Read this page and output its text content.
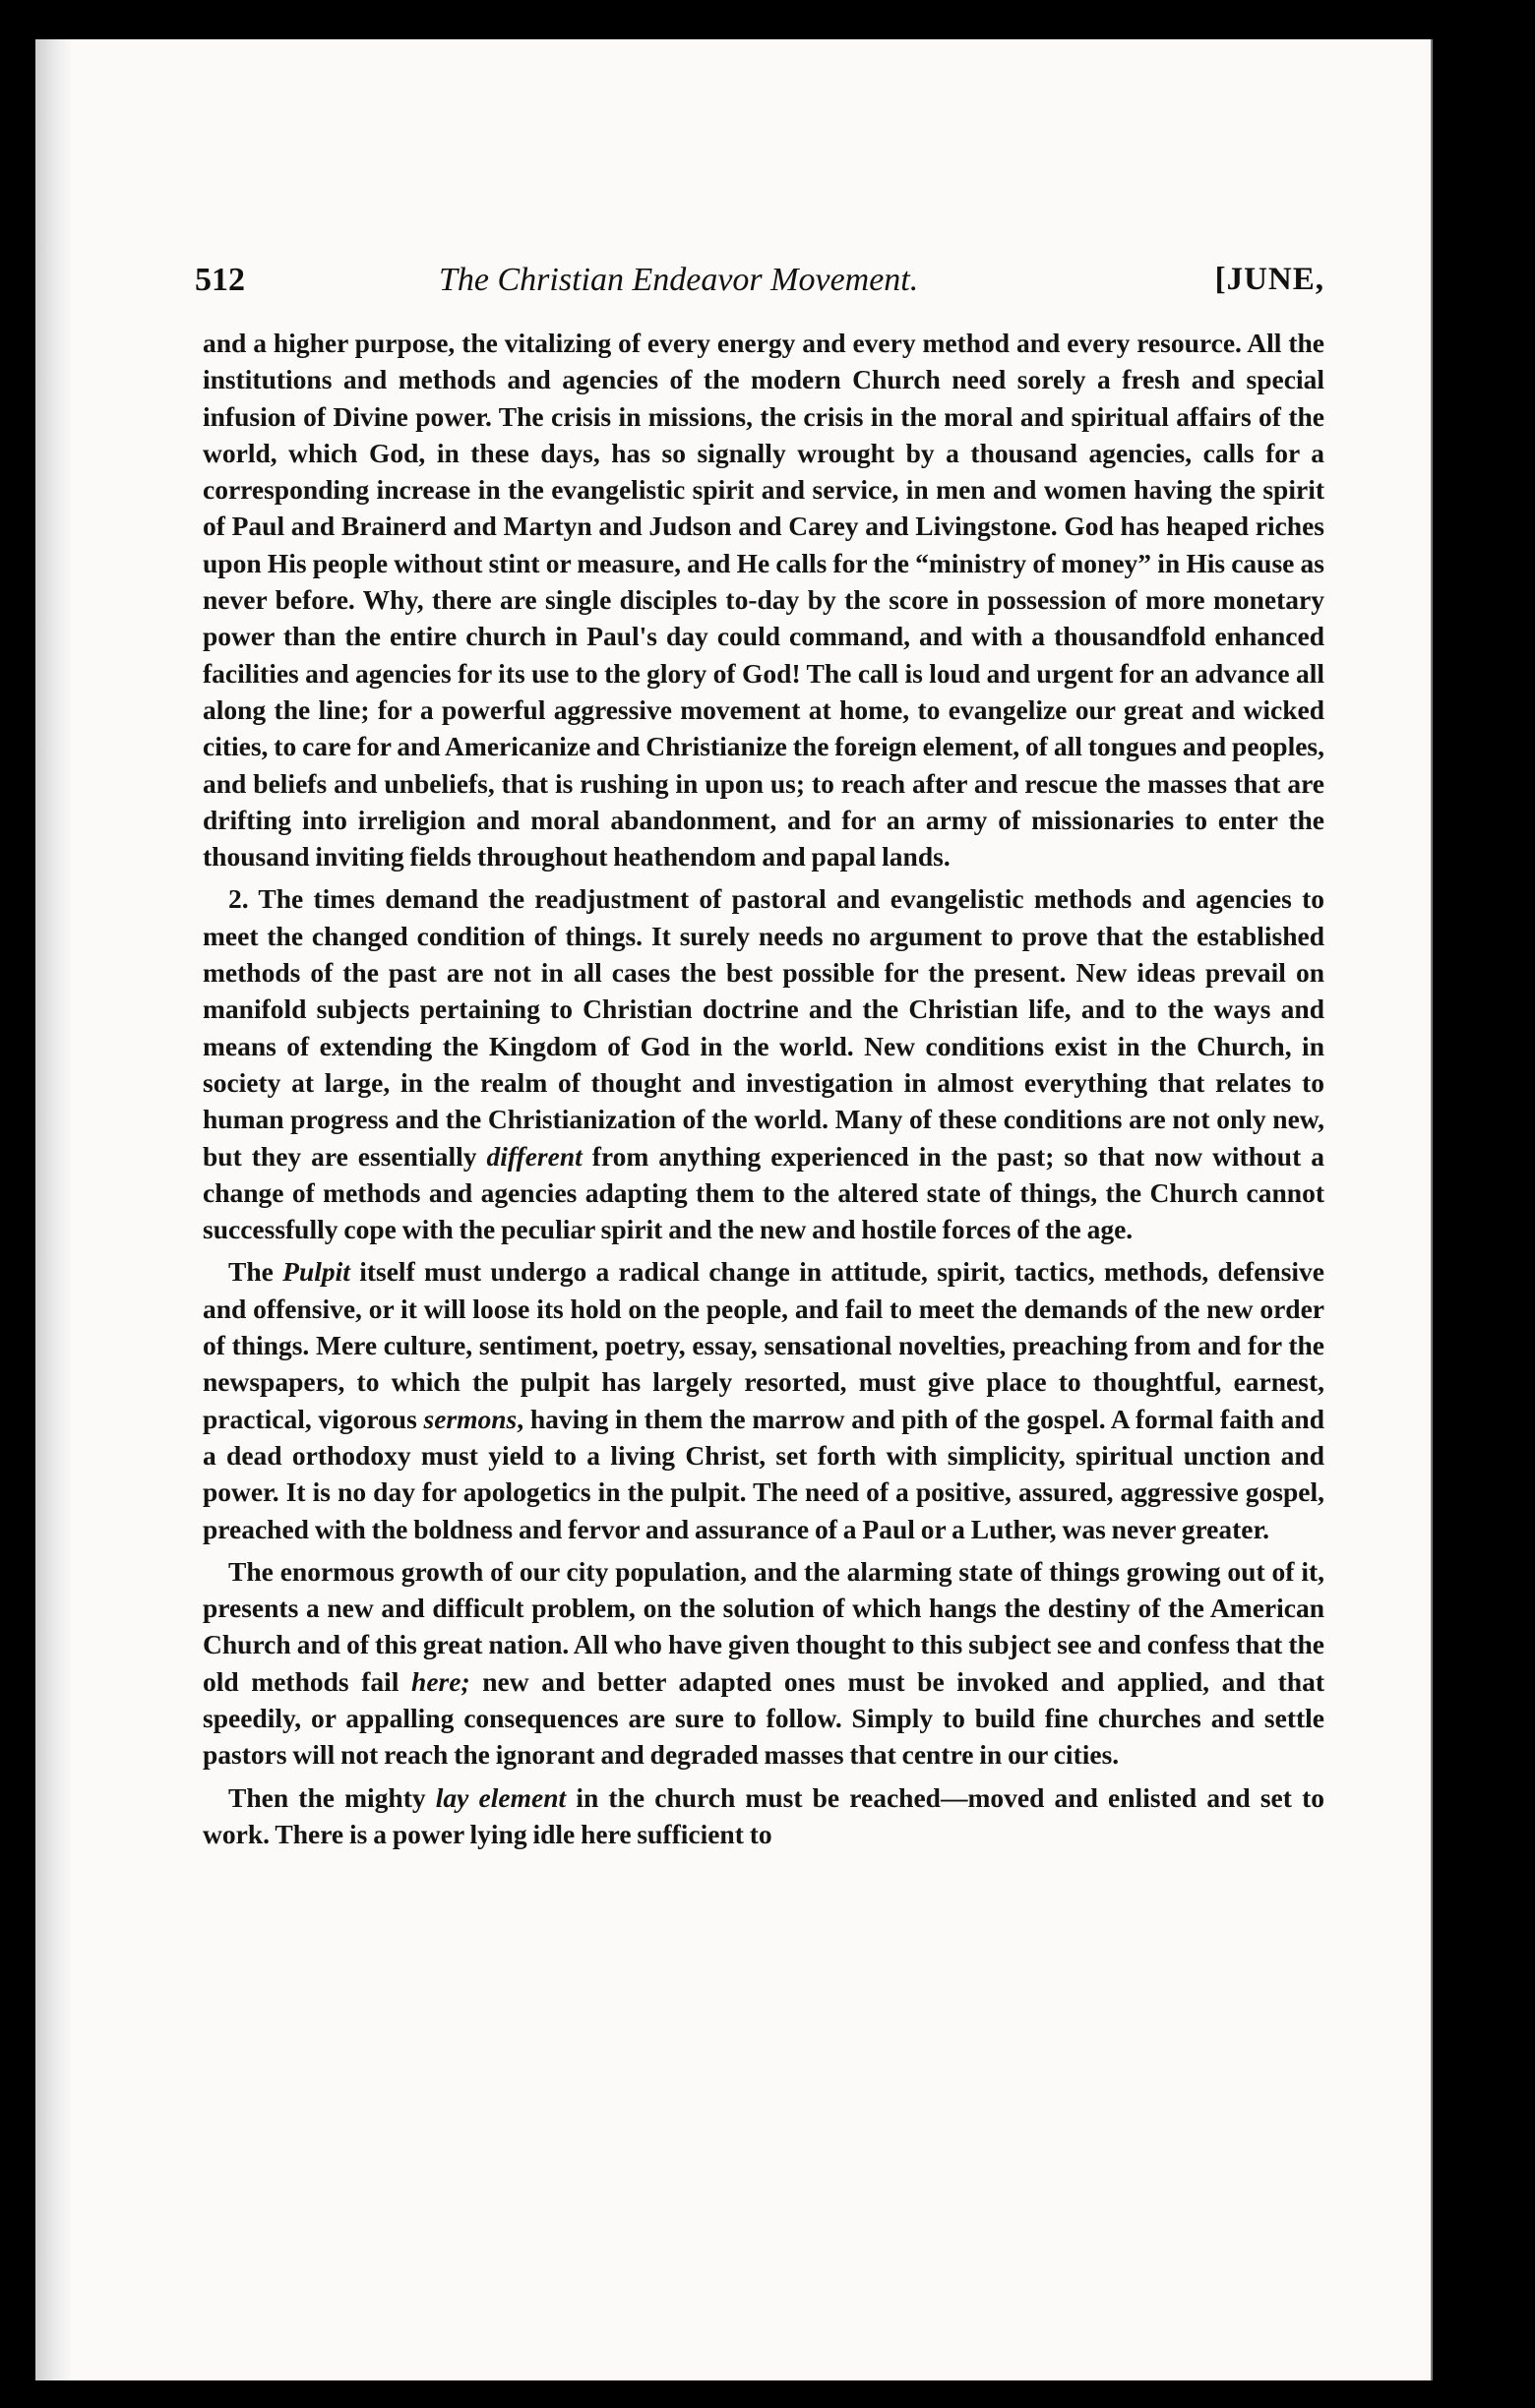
512	The Christian Endeavor Movement.	[JUNE,

and a higher purpose, the vitalizing of every energy and every method and every resource. All the institutions and methods and agencies of the modern Church need sorely a fresh and special infusion of Divine power. The crisis in missions, the crisis in the moral and spiritual affairs of the world, which God, in these days, has so signally wrought by a thousand agencies, calls for a corresponding increase in the evangelistic spirit and service, in men and women having the spirit of Paul and Brainerd and Martyn and Judson and Carey and Livingstone. God has heaped riches upon His people without stint or measure, and He calls for the “ministry of money” in His cause as never before. Why, there are single disciples to-day by the score in possession of more monetary power than the entire church in Paul's day could command, and with a thousandfold enhanced facilities and agencies for its use to the glory of God! The call is loud and urgent for an advance all along the line; for a powerful aggressive movement at home, to evangelize our great and wicked cities, to care for and Americanize and Christianize the foreign element, of all tongues and peoples, and beliefs and unbeliefs, that is rushing in upon us; to reach after and rescue the masses that are drifting into irreligion and moral abandonment, and for an army of missionaries to enter the thousand inviting fields throughout heathendom and papal lands.

2. The times demand the readjustment of pastoral and evangelistic methods and agencies to meet the changed condition of things. It surely needs no argument to prove that the established methods of the past are not in all cases the best possible for the present. New ideas prevail on manifold subjects pertaining to Christian doctrine and the Christian life, and to the ways and means of extending the Kingdom of God in the world. New conditions exist in the Church, in society at large, in the realm of thought and investigation in almost everything that relates to human progress and the Christianization of the world. Many of these conditions are not only new, but they are essentially different from anything experienced in the past; so that now without a change of methods and agencies adapting them to the altered state of things, the Church cannot successfully cope with the peculiar spirit and the new and hostile forces of the age.

The Pulpit itself must undergo a radical change in attitude, spirit, tactics, methods, defensive and offensive, or it will loose its hold on the people, and fail to meet the demands of the new order of things. Mere culture, sentiment, poetry, essay, sensational novelties, preaching from and for the newspapers, to which the pulpit has largely resorted, must give place to thoughtful, earnest, practical, vigorous sermons, having in them the marrow and pith of the gospel. A formal faith and a dead orthodoxy must yield to a living Christ, set forth with simplicity, spiritual unction and power. It is no day for apologetics in the pulpit. The need of a positive, assured, aggressive gospel, preached with the boldness and fervor and assurance of a Paul or a Luther, was never greater.

The enormous growth of our city population, and the alarming state of things growing out of it, presents a new and difficult problem, on the solution of which hangs the destiny of the American Church and of this great nation. All who have given thought to this subject see and confess that the old methods fail here; new and better adapted ones must be invoked and applied, and that speedily, or appalling consequences are sure to follow. Simply to build fine churches and settle pastors will not reach the ignorant and degraded masses that centre in our cities.

Then the mighty lay element in the church must be reached—moved and enlisted and set to work. There is a power lying idle here sufficient to
